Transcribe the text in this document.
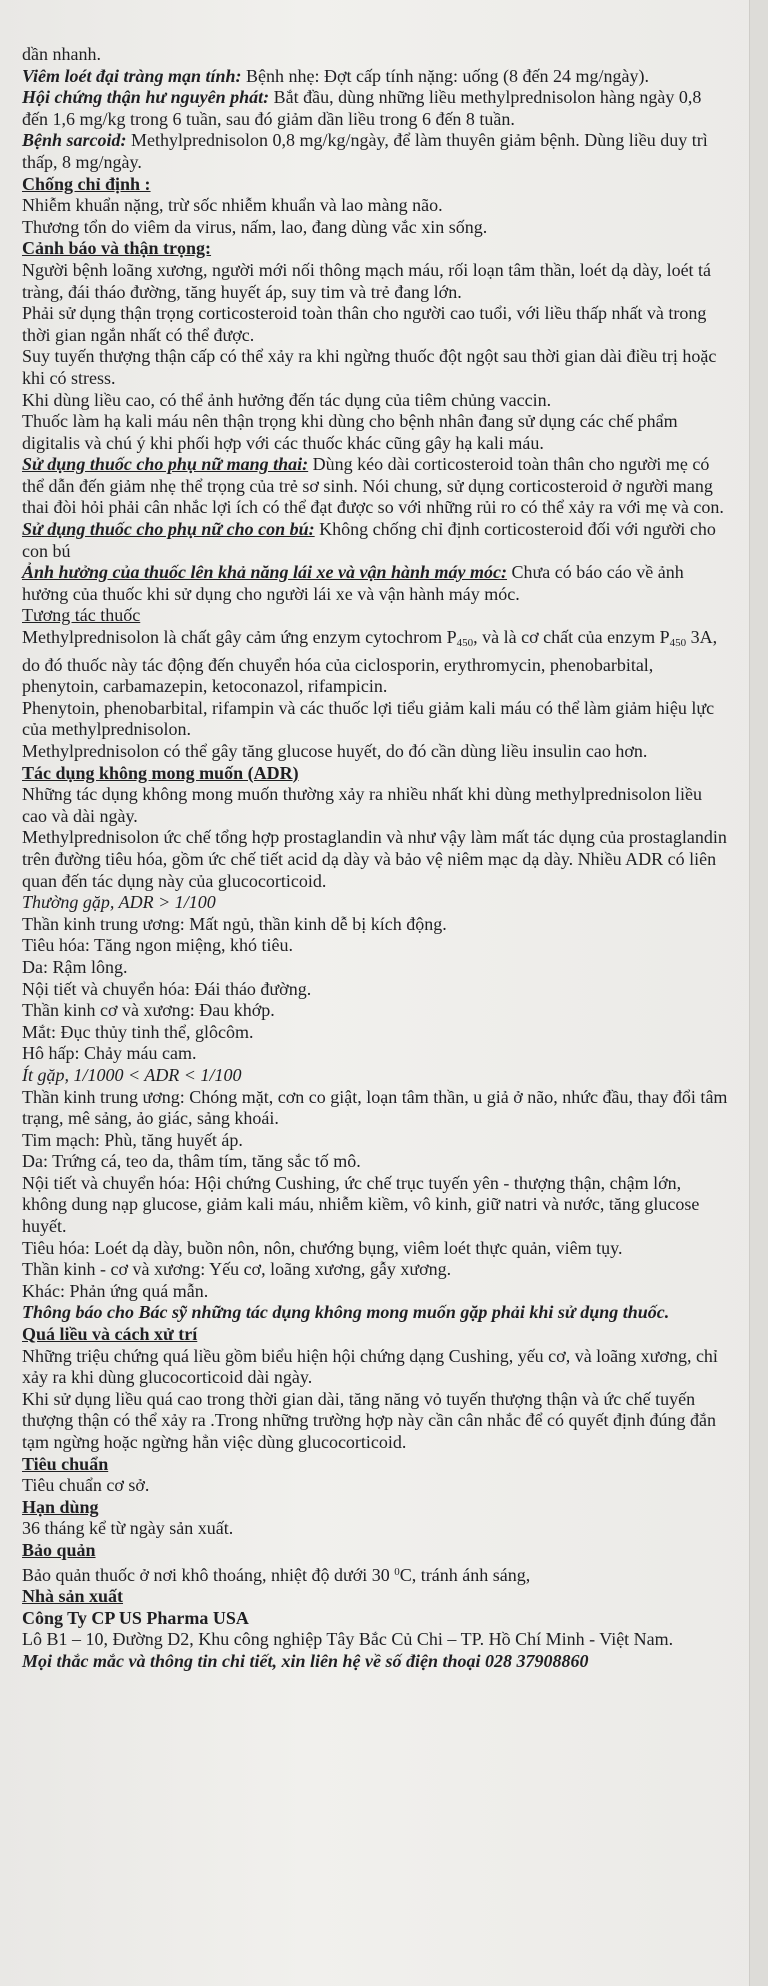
dần nhanh.

Viêm loét đại tràng mạn tính: Bệnh nhẹ: Đợt cấp tính nặng: uống (8 đến 24 mg/ngày).

Hội chứng thận hư nguyên phát: Bắt đầu, dùng những liều methylprednisolon hàng ngày 0,8 đến 1,6 mg/kg trong 6 tuần, sau đó giảm dần liều trong 6 đến 8 tuần.

Bệnh sarcoid: Methylprednisolon 0,8 mg/kg/ngày, để làm thuyên giảm bệnh. Dùng liều duy trì thấp, 8 mg/ngày.

Chống chỉ định :

Nhiễm khuẩn nặng, trừ sốc nhiễm khuẩn và lao màng não.

Thương tổn do viêm da virus, nấm, lao, đang dùng vắc xin sống.

Cảnh báo và thận trọng:

Người bệnh loãng xương, người mới nối thông mạch máu, rối loạn tâm thần, loét dạ dày, loét tá tràng, đái tháo đường, tăng huyết áp, suy tim và trẻ đang lớn.

Phải sử dụng thận trọng corticosteroid toàn thân cho người cao tuổi, với liều thấp nhất và trong thời gian ngắn nhất có thể được.

Suy tuyến thượng thận cấp có thể xảy ra khi ngừng thuốc đột ngột sau thời gian dài điều trị hoặc khi có stress.

Khi dùng liều cao, có thể ảnh hưởng đến tác dụng của tiêm chủng vaccin.

Thuốc làm hạ kali máu nên thận trọng khi dùng cho bệnh nhân đang sử dụng các chế phẩm digitalis và chú ý khi phối hợp với các thuốc khác cũng gây hạ kali máu.

Sử dụng thuốc cho phụ nữ mang thai: Dùng kéo dài corticosteroid toàn thân cho người mẹ có thể dẫn đến giảm nhẹ thể trọng của trẻ sơ sinh. Nói chung, sử dụng corticosteroid ở người mang thai đòi hỏi phải cân nhắc lợi ích có thể đạt được so với những rủi ro có thể xảy ra với mẹ và con.

Sử dụng thuốc cho phụ nữ cho con bú: Không chống chỉ định corticosteroid đối với người cho con bú

Ảnh hưởng của thuốc lên khả năng lái xe và vận hành máy móc: Chưa có báo cáo về ảnh hưởng của thuốc khi sử dụng cho người lái xe và vận hành máy móc.

Tương tác thuốc

Methylprednisolon là chất gây cảm ứng enzym cytochrom $P_{450}$, và là cơ chất của enzym $P_{450}$ 3A, do đó thuốc này tác động đến chuyển hóa của ciclosporin, erythromycin, phenobarbital, phenytoin, carbamazepin, ketoconazol, rifampicin.

Phenytoin, phenobarbital, rifampin và các thuốc lợi tiểu giảm kali máu có thể làm giảm hiệu lực của methylprednisolon.

Methylprednisolon có thể gây tăng glucose huyết, do đó cần dùng liều insulin cao hơn.

Tác dụng không mong muốn (ADR)

Những tác dụng không mong muốn thường xảy ra nhiều nhất khi dùng methylprednisolon liều cao và dài ngày.

Methylprednisolon ức chế tổng hợp prostaglandin và như vậy làm mất tác dụng của prostaglandin trên đường tiêu hóa, gồm ức chế tiết acid dạ dày và bảo vệ niêm mạc dạ dày. Nhiều ADR có liên quan đến tác dụng này của glucocorticoid.

Thường gặp, ADR > 1/100

Thần kinh trung ương: Mất ngủ, thần kinh dễ bị kích động.

Tiêu hóa: Tăng ngon miệng, khó tiêu.

Da: Rậm lông.

Nội tiết và chuyển hóa: Đái tháo đường.

Thần kinh cơ và xương: Đau khớp.

Mắt: Đục thủy tinh thể, glôcôm.

Hô hấp: Chảy máu cam.

Ít gặp, 1/1000 < ADR < 1/100

Thần kinh trung ương: Chóng mặt, cơn co giật, loạn tâm thần, u giả ở não, nhức đầu, thay đổi tâm trạng, mê sảng, ảo giác, sảng khoái.

Tim mạch: Phù, tăng huyết áp.

Da: Trứng cá, teo da, thâm tím, tăng sắc tố mô.

Nội tiết và chuyển hóa: Hội chứng Cushing, ức chế trục tuyến yên - thượng thận, chậm lớn, không dung nạp glucose, giảm kali máu, nhiễm kiềm, vô kinh, giữ natri và nước, tăng glucose huyết.

Tiêu hóa: Loét dạ dày, buồn nôn, nôn, chướng bụng, viêm loét thực quản, viêm tụy.

Thần kinh - cơ và xương: Yếu cơ, loãng xương, gẫy xương.

Khác: Phản ứng quá mẫn.

Thông báo cho Bác sỹ những tác dụng không mong muốn gặp phải khi sử dụng thuốc.

Quá liều và cách xử trí

Những triệu chứng quá liều gồm biểu hiện hội chứng dạng Cushing, yếu cơ, và loãng xương, chỉ xảy ra khi dùng glucocorticoid dài ngày.

Khi sử dụng liều quá cao trong thời gian dài, tăng năng vỏ tuyến thượng thận và ức chế tuyến thượng thận có thể xảy ra .Trong những trường hợp này cần cân nhắc để có quyết định đúng đắn tạm ngừng hoặc ngừng hẳn việc dùng glucocorticoid.

Tiêu chuẩn

Tiêu chuẩn cơ sở.

Hạn dùng

36 tháng kể từ ngày sản xuất.

Bảo quản

Bảo quản thuốc ở nơi khô thoáng, nhiệt độ dưới 30 $^0$C, tránh ánh sáng,

Nhà sản xuất

Công Ty CP US Pharma USA

Lô B1 – 10, Đường D2, Khu công nghiệp Tây Bắc Củ Chi – TP. Hồ Chí Minh - Việt Nam.

Mọi thắc mắc và thông tin chi tiết, xin liên hệ về số điện thoại 028 37908860
